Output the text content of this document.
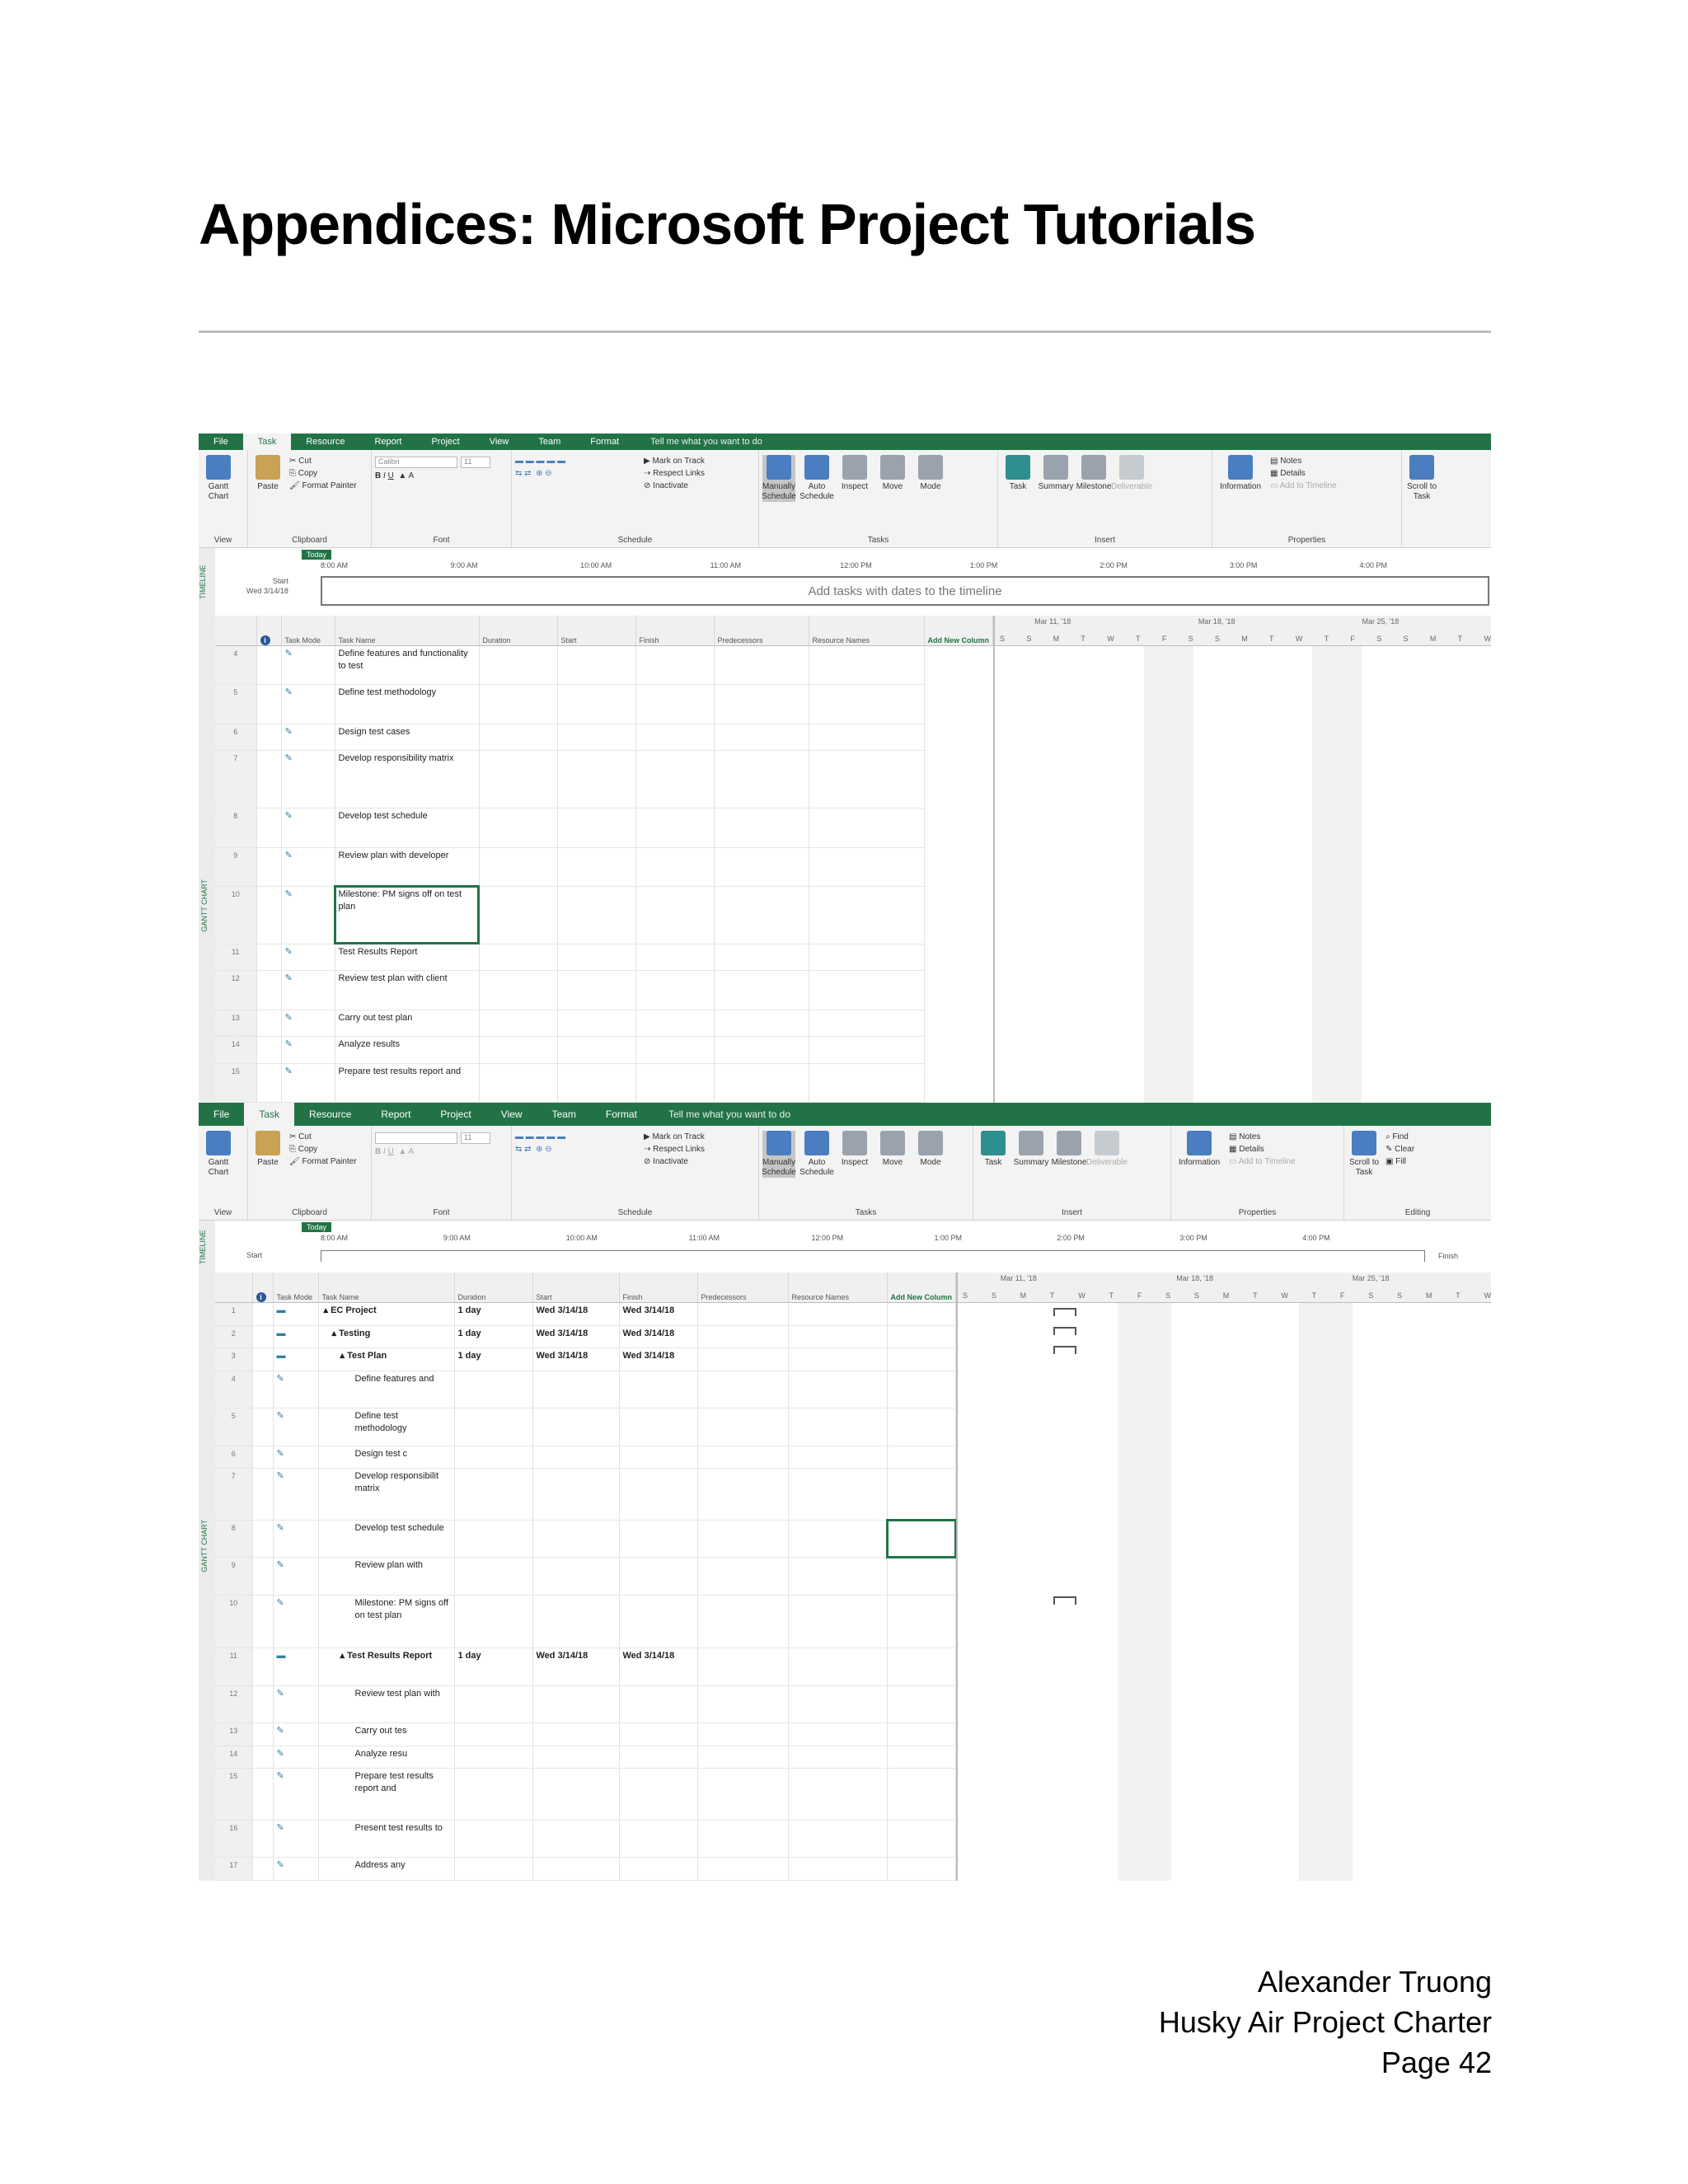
Appendices: Microsoft Project Tutorials
File	Task	Resource	Report	Project	View	Team	Format	Tell me what you want to do
Gantt Chart
View
Paste
✂ Cut
⎘ Copy
🖌 Format Painter
Clipboard
Calibri	11
B I U  ▲ A
Font
▬ ▬ ▬ ▬ ▬
⇆ ⇄  ⊕ ⊖
▶ Mark on Track
⇢ Respect Links
⊘ Inactivate
Schedule
Manually Schedule
Auto Schedule
Inspect Move Mode
Tasks
Task Summary Milestone Deliverable
Insert
Information
▤ Notes
▦ Details
▭ Add to Timeline
Properties
Scroll to Task
TIMELINE
Today
Start
Wed 3/14/18
8:00 AM	9:00 AM	10:00 AM	11:00 AM	12:00 PM	1:00 PM	2:00 PM	3:00 PM	4:00 PM
Add tasks with dates to the timeline
GANTT CHART
	i	Task Mode	Task Name	Duration	Start	Finish	Predecessors	Resource Names	Add New Column
4		✎	Define features and functionality to test						
5		✎	Define test methodology						
6		✎	Design test cases						
7		✎	Develop responsibility matrix						
8		✎	Develop test schedule						
9		✎	Review plan with developer						
10		✎	Milestone: PM signs off on test plan						
11		✎	Test Results Report						
12		✎	Review test plan with client						
13		✎	Carry out test plan						
14		✎	Analyze results						
15		✎	Prepare test results report and						
Mar 11, '18	Mar 18, '18	Mar 25, '18
S	S	M	T	W	T	F	S	S	M	T	W	T	F	S	S	M	T	W
File	Task	Resource	Report	Project	View	Team	Format	Tell me what you want to do
Gantt Chart
View
Paste
✂ Cut
⎘ Copy
🖌 Format Painter
Clipboard
11
B I U  ▲ A
Font
▬ ▬ ▬ ▬ ▬
⇆ ⇄  ⊕ ⊖
▶ Mark on Track
⇢ Respect Links
⊘ Inactivate
Schedule
Manually Schedule
Auto Schedule
Inspect Move Mode
Tasks
Task Summary Milestone Deliverable
Insert
Information
▤ Notes
▦ Details
▭ Add to Timeline
Properties
Scroll to Task
⌕ Find
✎ Clear
▣ Fill
Editing
TIMELINE
Today
Start
8:00 AM	9:00 AM	10:00 AM	11:00 AM	12:00 PM	1:00 PM	2:00 PM	3:00 PM	4:00 PM
Finish
GANTT CHART
	i	Task Mode	Task Name	Duration	Start	Finish	Predecessors	Resource Names	Add New Column
1		▬	▴ EC Project	1 day	Wed 3/14/18	Wed 3/14/18			
2		▬	▴ Testing	1 day	Wed 3/14/18	Wed 3/14/18			
3		▬	▴ Test Plan	1 day	Wed 3/14/18	Wed 3/14/18			
4		✎	Define features and						
5		✎	Define test methodology						
6		✎	Design test c						
7		✎	Develop responsibilit matrix						
8		✎	Develop test schedule						
9		✎	Review plan with						
10		✎	Milestone: PM signs off on test plan						
11		▬	▴ Test Results Report	1 day	Wed 3/14/18	Wed 3/14/18			
12		✎	Review test plan with						
13		✎	Carry out tes						
14		✎	Analyze resu						
15		✎	Prepare test results report and						
16		✎	Present test results to						
17		✎	Address any						
Mar 11, '18	Mar 18, '18	Mar 25, '18
S	S	M	T	W	T	F	S	S	M	T	W	T	F	S	S	M	T	W
Alexander Truong
Husky Air Project Charter
Page 42
